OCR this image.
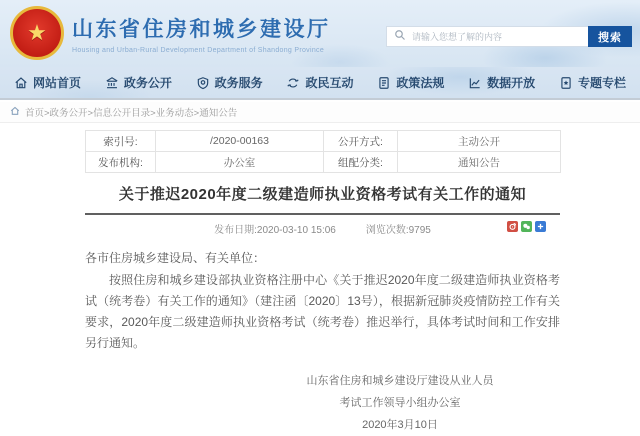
★ 山东省住房和城乡建设厅
Housing and Urban-Rural Development Department of Shandong Province
请输入您想了解的内容
搜索
网站首页	政务公开	政务服务	政民互动	政策法规	数据开放	专题专栏
首页>政务公开>信息公开目录>业务动态>通知公告
索引号:	/2020-00163	公开方式:	主动公开
发布机构:	办公室	组配分类:	通知公告
关于推迟2020年度二级建造师执业资格考试有关工作的通知
发布日期:2020-03-10 15:06	浏览次数:9795
各市住房城乡建设局、有关单位：
按照住房和城乡建设部执业资格注册中心《关于推迟2020年度二级建造师执业资格考试（统考卷）有关工作的通知》（建注函〔2020〕13号），根据新冠肺炎疫情防控工作有关要求，2020年度二级建造师执业资格考试（统考卷）推迟举行，具体考试时间和工作安排另行通知。
山东省住房和城乡建设厅建设从业人员
考试工作领导小组办公室
2020年3月10日
